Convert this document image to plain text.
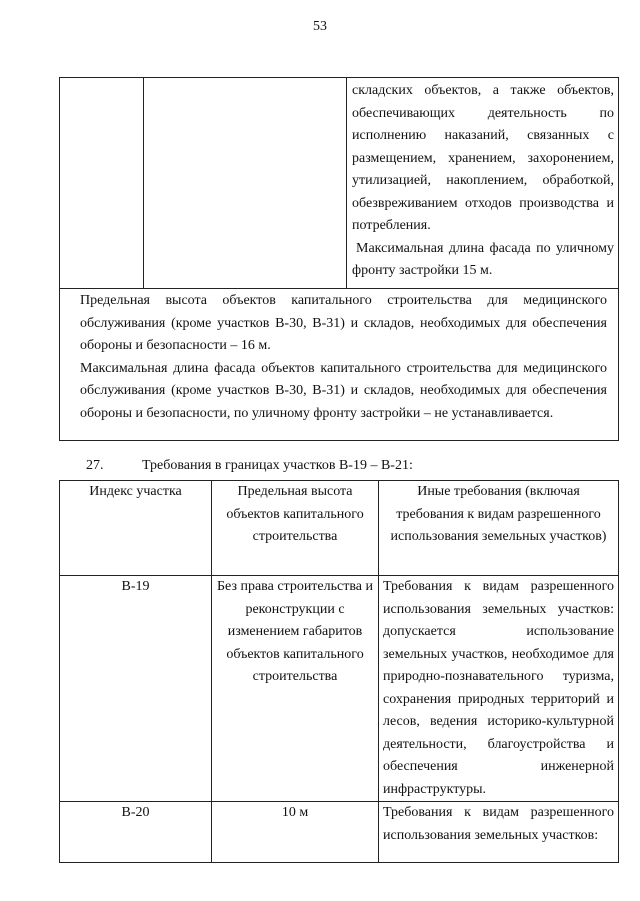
53

складских объектов, а также объектов, обеспечивающих деятельность по исполнению наказаний, связанных с размещением, хранением, захоронением, утилизацией, накоплением, обработкой, обезвреживанием отходов производства и потребления.

Максимальная длина фасада по уличному фронту застройки 15 м.

Предельная высота объектов капитального строительства для медицинского обслуживания (кроме участков В-30, В-31) и складов, необходимых для обеспечения обороны и безопасности – 16 м.

Максимальная длина фасада объектов капитального строительства для медицинского обслуживания (кроме участков В-30, В-31) и складов, необходимых для обеспечения обороны и безопасности, по уличному фронту застройки – не устанавливается.

27.	Требования в границах участков В-19 – В-21:
Индекс участка	Предельная высота объектов капитального строительства	Иные требования (включая требования к видам разрешенного использования земельных участков)
В-19	Без права строительства и реконструкции с изменением габаритов объектов капитального строительства	Требования к видам разрешенного использования земельных участков: допускается использование земельных участков, необходимое для природно-познавательного туризма, сохранения природных территорий и лесов, ведения историко-культурной деятельности, благоустройства и обеспечения инженерной инфраструктуры.
В-20	10 м	Требования к видам разрешенного использования земельных участков:
